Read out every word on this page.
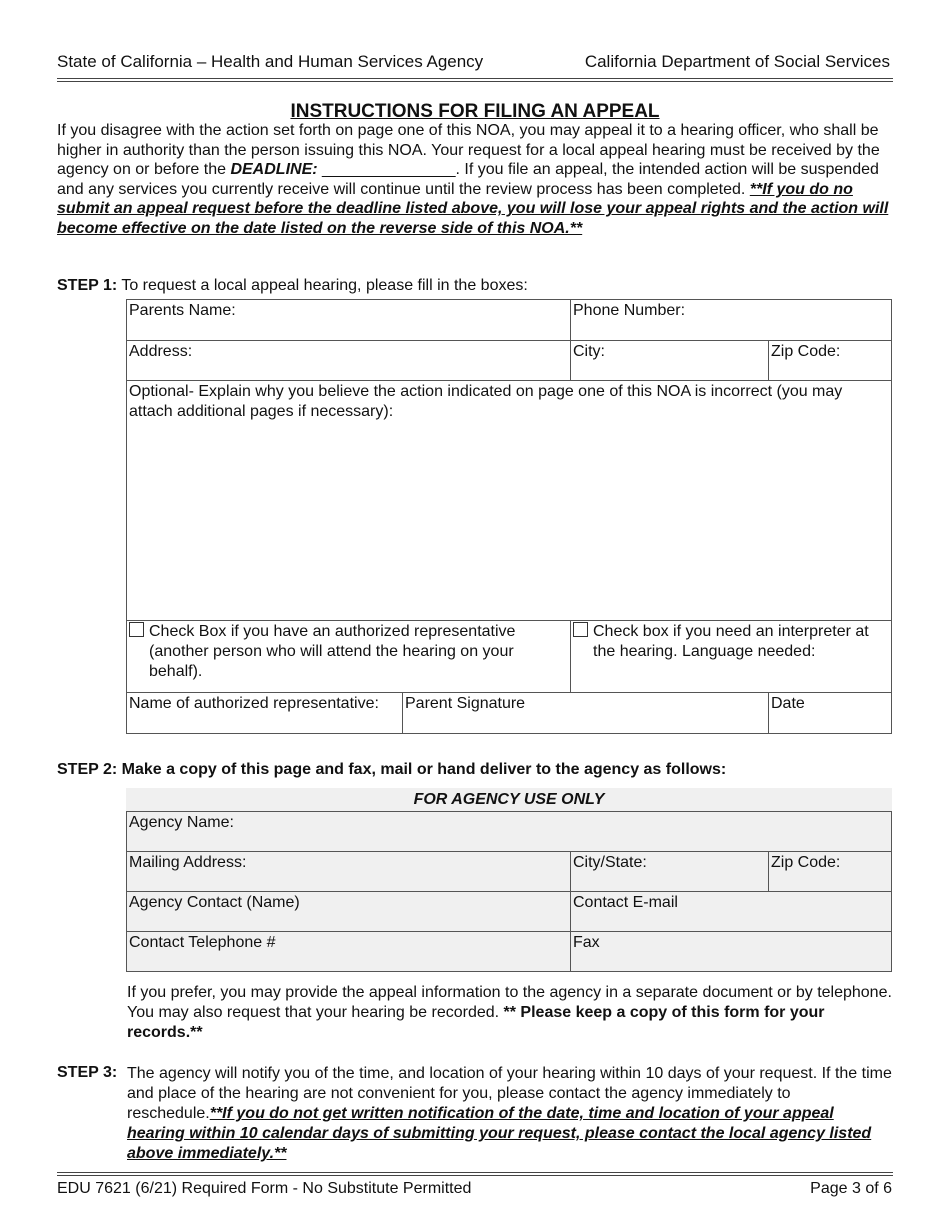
State of California – Health and Human Services Agency	California Department of Social Services
INSTRUCTIONS FOR FILING AN APPEAL
If you disagree with the action set forth on page one of this NOA, you may appeal it to a hearing officer, who shall be higher in authority than the person issuing this NOA. Your request for a local appeal hearing must be received by the agency on or before the DEADLINE: _______________. If you file an appeal, the intended action will be suspended and any services you currently receive will continue until the review process has been completed. **If you do no submit an appeal request before the deadline listed above, you will lose your appeal rights and the action will become effective on the date listed on the reverse side of this NOA.**
STEP 1: To request a local appeal hearing, please fill in the boxes:
Parents Name:	Phone Number:
Address:	City:	Zip Code:
Optional- Explain why you believe the action indicated on page one of this NOA is incorrect (you may attach additional pages if necessary):
Check Box if you have an authorized representative (another person who will attend the hearing on your behalf).
Check box if you need an interpreter at the hearing. Language needed:
Name of authorized representative:	Parent Signature	Date
STEP 2: Make a copy of this page and fax, mail or hand deliver to the agency as follows:
FOR AGENCY USE ONLY
Agency Name:
Mailing Address:	City/State:	Zip Code:
Agency Contact (Name)	Contact E-mail
Contact Telephone #	Fax
If you prefer, you may provide the appeal information to the agency in a separate document or by telephone. You may also request that your hearing be recorded. ** Please keep a copy of this form for your records.**
STEP 3: The agency will notify you of the time, and location of your hearing within 10 days of your request. If the time and place of the hearing are not convenient for you, please contact the agency immediately to reschedule.**If you do not get written notification of the date, time and location of your appeal hearing within 10 calendar days of submitting your request, please contact the local agency listed above immediately.**
EDU 7621 (6/21) Required Form - No Substitute Permitted	Page 3 of 6
